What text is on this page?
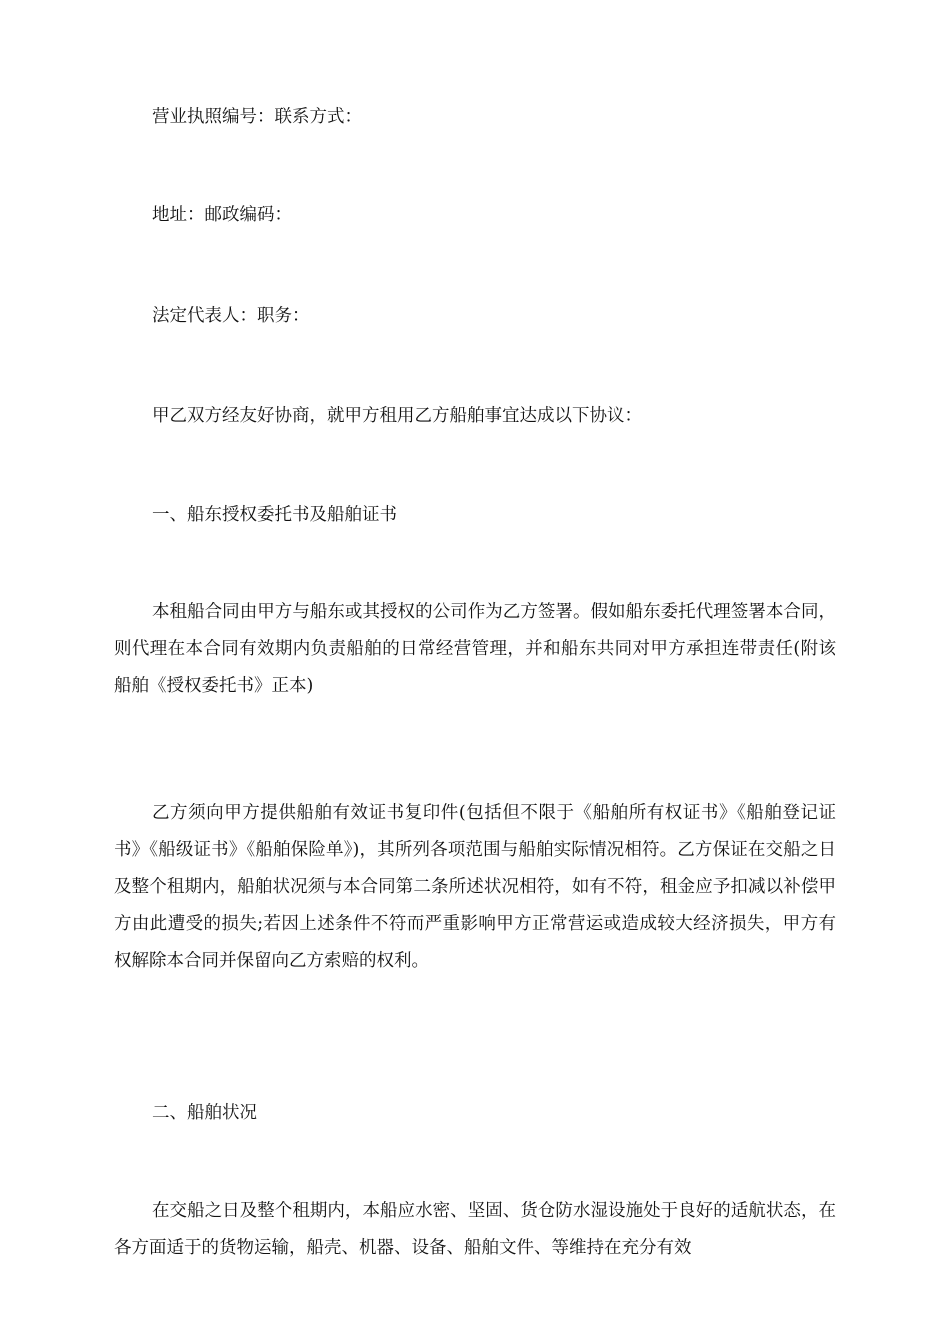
营业执照编号：联系方式：
地址：邮政编码：
法定代表人：职务：
甲乙双方经友好协商，就甲方租用乙方船舶事宜达成以下协议：
一、船东授权委托书及船舶证书
本租船合同由甲方与船东或其授权的公司作为乙方签署。假如船东委托代理签署本合同，则代理在本合同有效期内负责船舶的日常经营管理，并和船东共同对甲方承担连带责任(附该船舶《授权委托书》正本)
乙方须向甲方提供船舶有效证书复印件(包括但不限于《船舶所有权证书》《船舶登记证书》《船级证书》《船舶保险单》)，其所列各项范围与船舶实际情况相符。乙方保证在交船之日及整个租期内，船舶状况须与本合同第二条所述状况相符，如有不符，租金应予扣减以补偿甲方由此遭受的损失;若因上述条件不符而严重影响甲方正常营运或造成较大经济损失，甲方有权解除本合同并保留向乙方索赔的权利。
二、船舶状况
在交船之日及整个租期内，本船应水密、坚固、货仓防水湿设施处于良好的适航状态，在各方面适于的货物运输，船壳、机器、设备、船舶文件、等维持在充分有效
